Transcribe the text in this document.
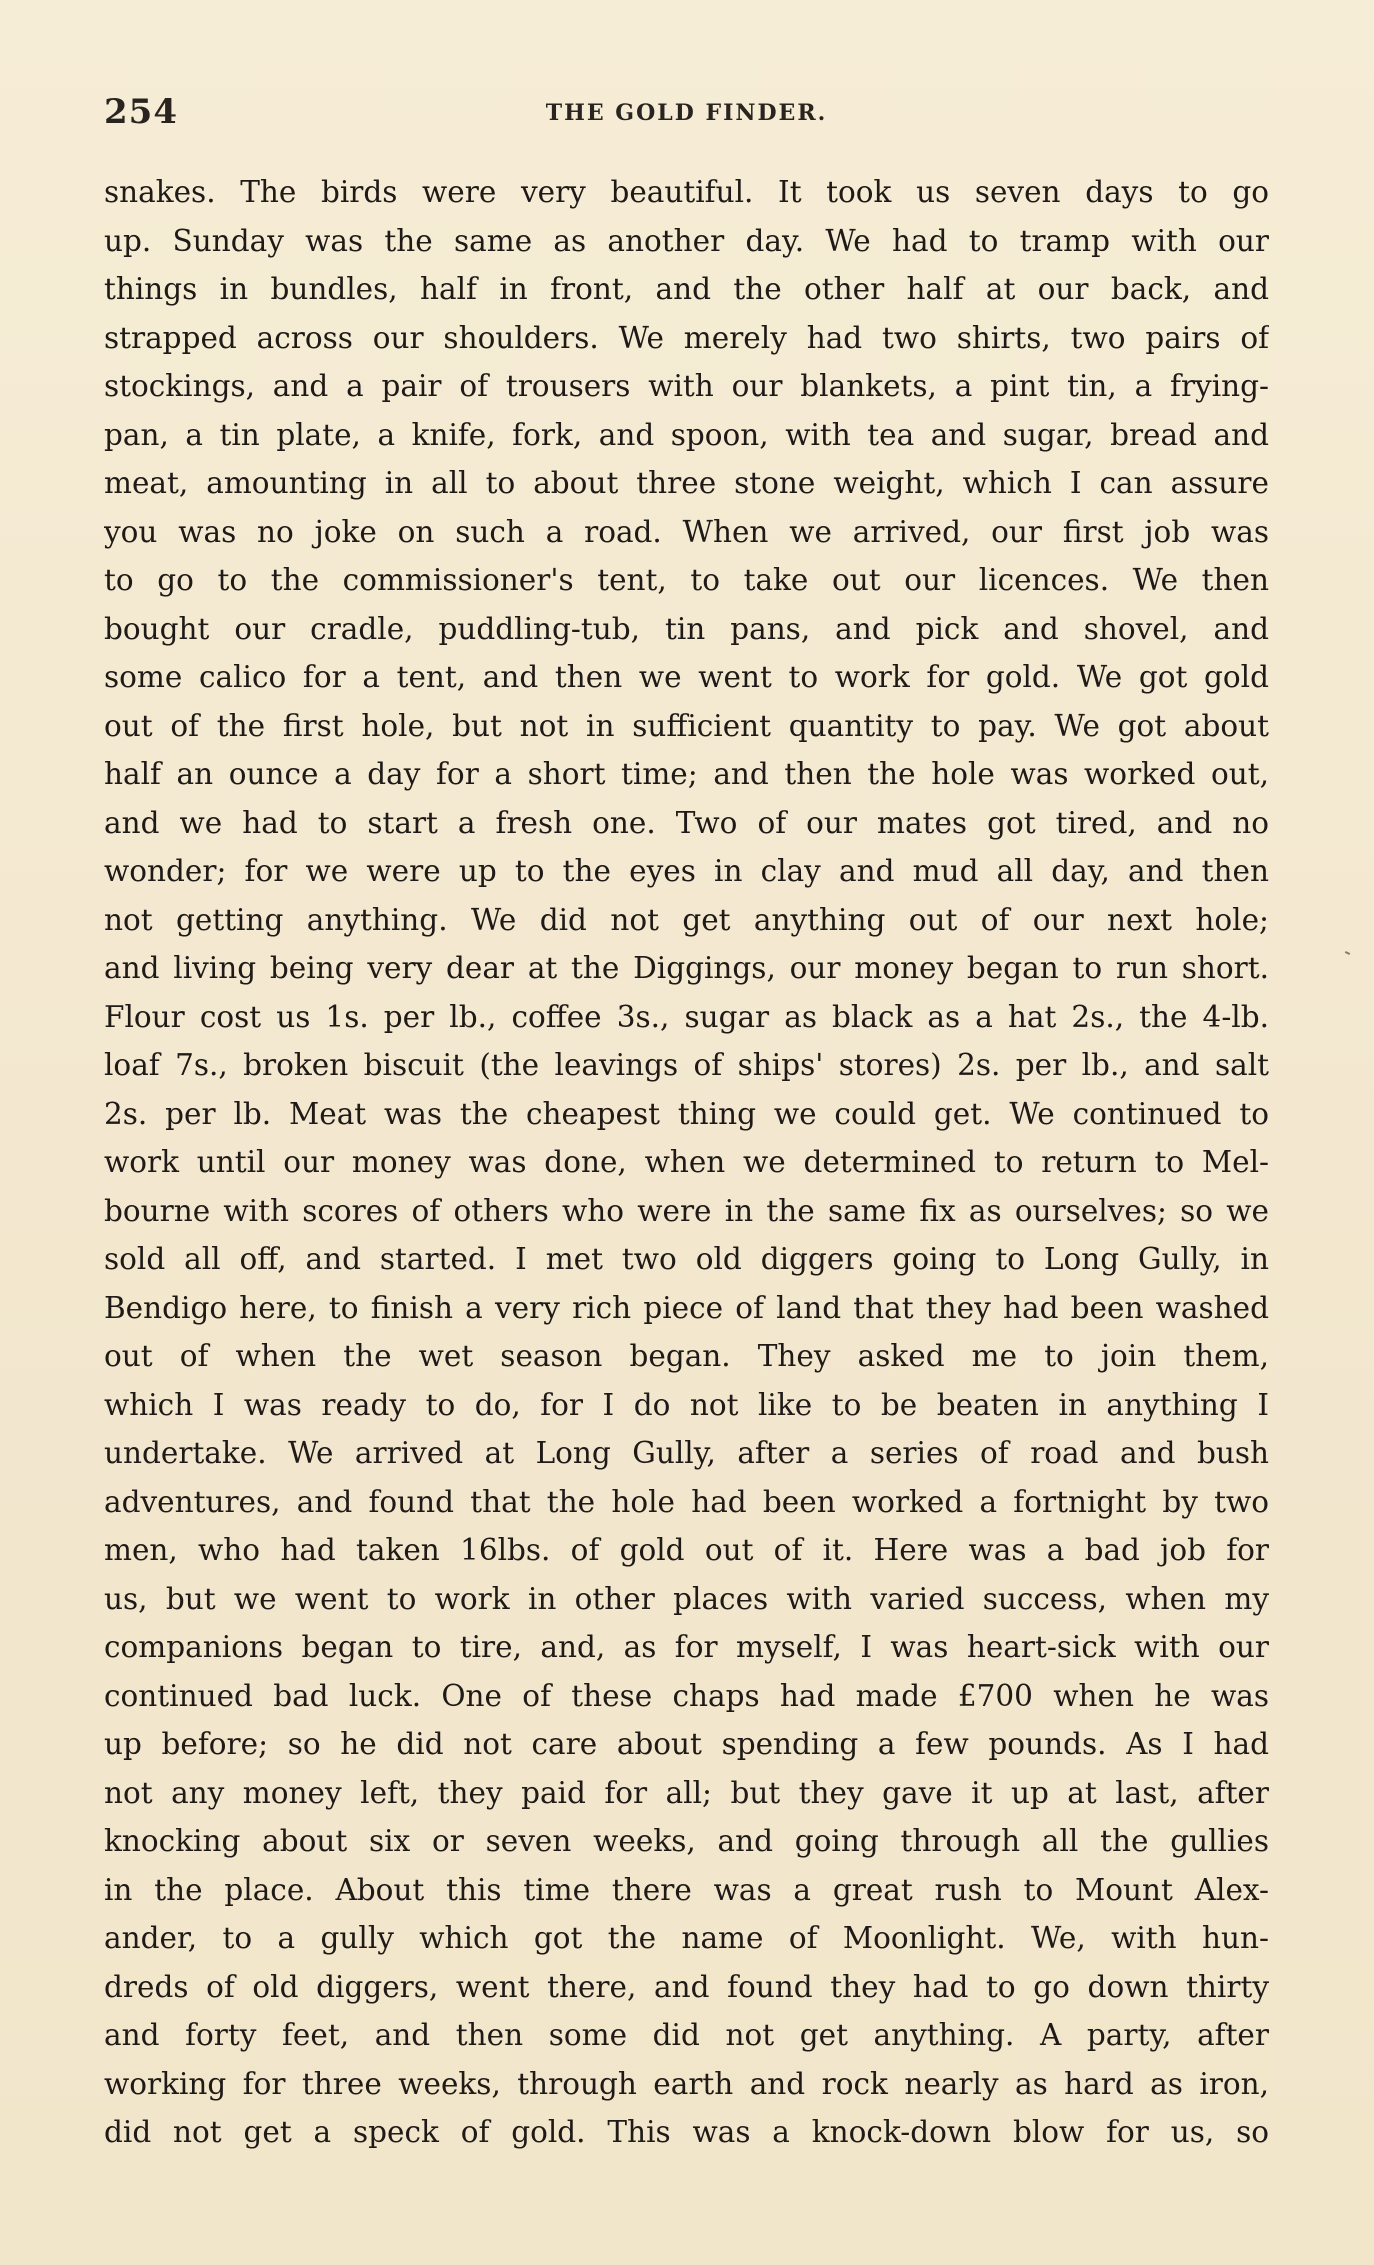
254	THE GOLD FINDER.
snakes. The birds were very beautiful. It took us seven days to go
up. Sunday was the same as another day. We had to tramp with our
things in bundles, half in front, and the other half at our back, and
strapped across our shoulders. We merely had two shirts, two pairs of
stockings, and a pair of trousers with our blankets, a pint tin, a frying-
pan, a tin plate, a knife, fork, and spoon, with tea and sugar, bread and
meat, amounting in all to about three stone weight, which I can assure
you was no joke on such a road. When we arrived, our first job was
to go to the commissioner's tent, to take out our licences. We then
bought our cradle, puddling-tub, tin pans, and pick and shovel, and
some calico for a tent, and then we went to work for gold. We got gold
out of the first hole, but not in sufficient quantity to pay. We got about
half an ounce a day for a short time; and then the hole was worked out,
and we had to start a fresh one. Two of our mates got tired, and no
wonder; for we were up to the eyes in clay and mud all day, and then
not getting anything. We did not get anything out of our next hole;
and living being very dear at the Diggings, our money began to run short.
Flour cost us 1s. per lb., coffee 3s., sugar as black as a hat 2s., the 4-lb.
loaf 7s., broken biscuit (the leavings of ships' stores) 2s. per lb., and salt
2s. per lb. Meat was the cheapest thing we could get. We continued to
work until our money was done, when we determined to return to Mel-
bourne with scores of others who were in the same fix as ourselves; so we
sold all off, and started. I met two old diggers going to Long Gully, in
Bendigo here, to finish a very rich piece of land that they had been washed
out of when the wet season began. They asked me to join them,
which I was ready to do, for I do not like to be beaten in anything I
undertake. We arrived at Long Gully, after a series of road and bush
adventures, and found that the hole had been worked a fortnight by two
men, who had taken 16lbs. of gold out of it. Here was a bad job for
us, but we went to work in other places with varied success, when my
companions began to tire, and, as for myself, I was heart-sick with our
continued bad luck. One of these chaps had made £700 when he was
up before; so he did not care about spending a few pounds. As I had
not any money left, they paid for all; but they gave it up at last, after
knocking about six or seven weeks, and going through all the gullies
in the place. About this time there was a great rush to Mount Alex-
ander, to a gully which got the name of Moonlight. We, with hun-
dreds of old diggers, went there, and found they had to go down thirty
and forty feet, and then some did not get anything. A party, after
working for three weeks, through earth and rock nearly as hard as iron,
did not get a speck of gold. This was a knock-down blow for us, so
